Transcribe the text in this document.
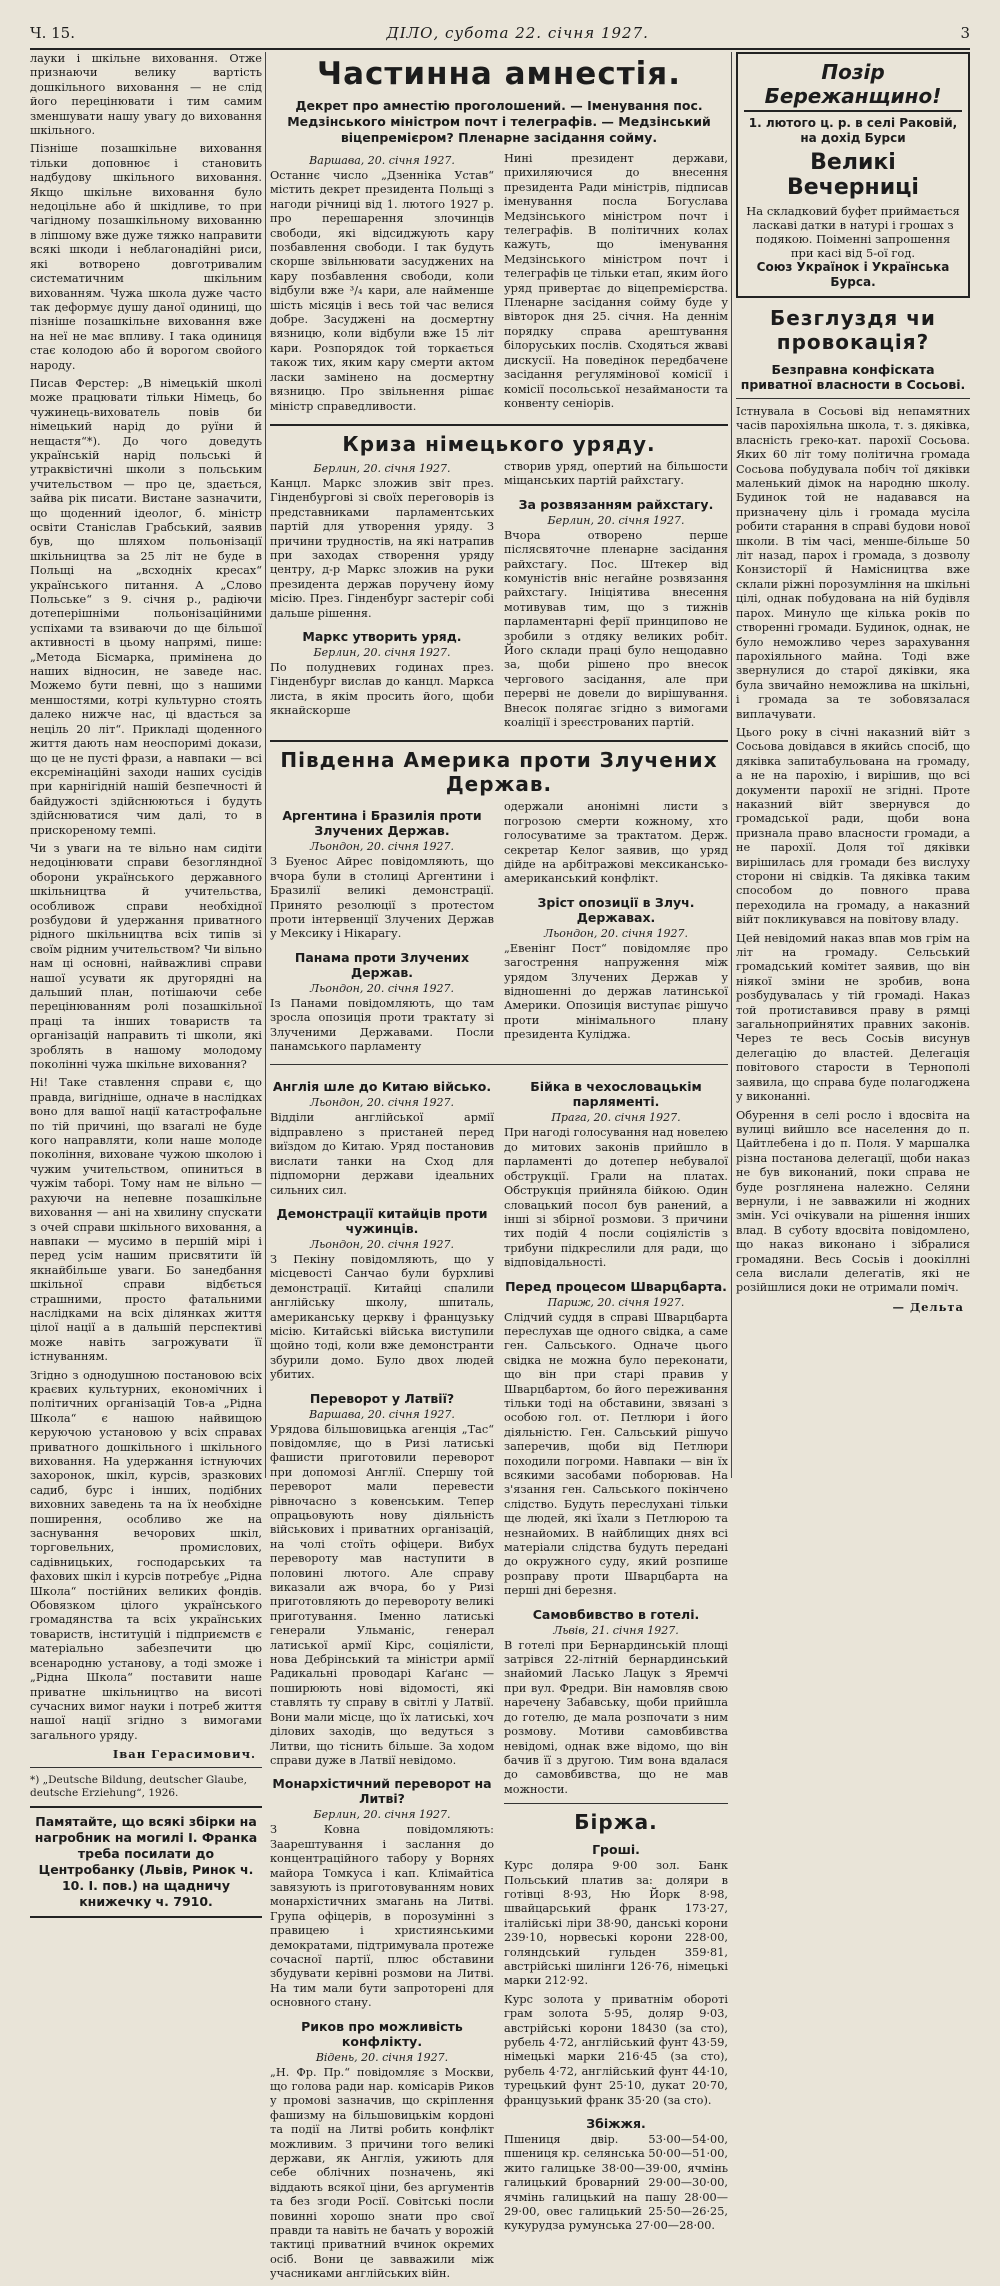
Ч. 15.	ДІЛО, субота 22. січня 1927.	3

лауки і шкільне виховання. Отже признаючи велику вартість дошкільного виховання — не слід його перецінювати і тим самим зменшувати нашу увагу до виховання шкільного.

Пізніше позашкільне виховання тільки доповнює і становить надбудову шкільного виховання. Якщо шкільне виховання було недоцільне або й шкідливе, то при чагідному позашкільному вихованню в ліпшому вже дуже тяжко направити всякі шкоди і неблагонадійні риси, які вотворено довготривалим систематичним шкільним вихованням. Чужа школа дуже часто так деформує душу даної одиниці, що пізніше позашкільне виховання вже на неї не має впливу. І така одиниця стає колодою або й ворогом свойого народу.

Писав Ферстер: „В німецькій школі може працювати тільки Німець, бо чужинець-вихователь повів би німецький нарід до руїни й нещастя“*). До чого доведуть українській нарід польські й утраквістичні школи з польським учительством — про це, здається, зайва рік писати. Вистане зазначити, що щоденний ідеолог, б. міністр освіти Станіслав Грабський, заявив був, що шляхом польонізації шкільництва за 25 літ не буде в Польщі на „всходніх кресах“ українського питання. А „Слово Польське“ з 9. січня р., радіючи дотеперішніми польонізаційними успіхами та взиваючи до ще більшої активності в цьому напрямі, пише: „Метода Бісмарка, примінена до наших відносин, не заведе нас. Можемо бути певні, що з нашими меншостями, котрі культурно стоять далеко нижче нас, ці вдасться за неціль 20 літ“. Прикладі щоденного життя дають нам неоспоримі докази, що це не пусті фрази, а навпаки — всі ексремінаційні заходи наших сусідів при карнігідній нашій безпечності й байдужості здійснюються і будуть здійснюватися чим далі, то в прискореному темпі.

Чи з уваги на те вільно нам сидіти недоцінювати справи безогляндної оборони українського державного шкільництва й учительства, особливож справи необхідної розбудови й удержання приватного рідного шкільництва всіх типів зі своїм рідним учительством? Чи вільно нам ці основні, найважливі справи нашої усувати як другорядні на дальший план, потішаючи себе перецінюванням ролі позашкільної праці та інших товариств та організацій направить ті школи, які зроблять в нашому молодому поколінні чужа шкільне виховання?

Ні! Таке ставлення справи є, що правда, вигідніше, одначе в наслідках воно для вашої нації катастрофальне по тій причині, що взагалі не буде кого направляти, коли наше молоде покоління, виховане чужою школою і чужим учительством, опиниться в чужім таборі. Тому нам не вільно — рахуючи на непевне позашкільне виховання — ані на хвилину спускати з очей справи шкільного виховання, а навпаки — мусимо в першій мірі і перед усім нашим присвятити їй якнайбільше уваги. Бо занедбання шкільної справи відбється страшними, просто фатальними наслідками на всіх ділянках життя цілої нації а в дальшій перспективі може навіть загрожувати її істнуванням.

Згідно з однодушною постановою всіх краєвих культурних, економічних і політичних організацій Тов-а „Рідна Школа“ є нашою найвищою керуючою установою у всіх справах приватного дошкільного і шкільного виховання. На удержання істнуючих захоронок, шкіл, курсів, зразкових садиб, бурс і інших, подібних виховних заведень та на їх необхідне поширення, особливо же на заснування вечорових шкіл, торговельних, промислових, садівницьких, господарських та фахових шкіл і курсів потребує „Рідна Школа“ постійних великих фондів. Обовязком цілого українського громадянства та всіх українських товариств, інституцій і підприємств є матеріально забезпечити цю всенародню установу, а тоді зможе і „Рідна Школа“ поставити наше приватне шкільництво на висоті сучасних вимог науки і потреб життя нашої нації згідно з вимогами загального уряду.

Іван Герасимович.
*) „Deutsche Bildung, deutscher Glaube, deutsche Erziehung“, 1926.
Памятайте, що всякі збірки на нагробник на могилі І. Франка треба посилати до Центробанку (Львів, Ринок ч. 10. І. пов.) на щадничу книжечку ч. 7910.
Частинна амнестія.
Декрет про амнестію проголошений. — Іменування пос. Медзінського міністром почт і телеграфів. — Медзінський віцепремієром? Пленарне засідання сойму.
Варшава, 20. січня 1927.

Останнє число „Дзенніка Устав“ містить декрет президента Польщі з нагоди річниці від 1. лютого 1927 р. про перешарення злочинців свободи, які відсиджують кару позбавлення свободи. І так будуть скорше звільнювати засуджених на кару позбавлення свободи, коли відбули вже ³/₄ кари, але найменше шість місяців і весь той час велися добре. Засуджені на досмертну вязницю, коли відбули вже 15 літ кари. Розпорядок той торкається також тих, яким кару смерти актом ласки замінено на досмертну вязницю. Про звільнення рішає міністр справедливости.

Нині президент держави, прихиляючися до внесення президента Ради міністрів, підписав іменування посла Богуслава Медзінського міністром почт і телеграфів. В політичних колах кажуть, що іменування Медзінського міністром почт і телеграфів це тільки етап, яким його уряд привертає до віцепремієрства. Пленарне засідання сойму буде у вівторок дня 25. січня. На деннім порядку справа арештування білоруських послів. Сходяться жваві дискусії. На поведінок передбачене засідання регулямінової комісії і комісії посольської незайманости та конвенту сеніорів.

Криза німецького уряду.
Берлин, 20. січня 1927.

Канцл. Маркс зложив звіт през. Гінденбургові зі своїх переговорів із представниками парламентських партій для утворення уряду. З причини трудностів, на які натрапив при заходах створення уряду центру, д-р Маркс зложив на руки президента держав поручену йому місію. През. Гінденбург застеріг собі дальше рішення.

Маркс утворить уряд.
Берлин, 20. січня 1927.

По полудневих годинах през. Гінденбург вислав до канцл. Маркса листа, в якім просить його, щоби якнайскорше

створив уряд, опертий на більшости міщанських партій райхстагу.

За розвязанням райхстагу.
Берлин, 20. січня 1927.

Вчора отворено перше післясвяточне пленарне засідання райхстагу. Пос. Штекер від комуністів вніс негайне розвязання райхстагу. Ініціятива внесення мотивував тим, що з тижнів парламентарні ферії принципово не зробили з отдяку великих робіт. Його склади праці було нещодавно за, щоби рішено про внесок чергового засідання, але при перерві не довели до вирішування. Внесок полягає згідно з вимогами коаліції і зреєстрованих партій.

Південна Америка проти Злучених Держав.
Аргентина і Бразилія проти Злучених Держав.
Льондон, 20. січня 1927.

З Буенос Айрес повідомляють, що вчора були в столиці Аргентини і Бразилії великі демонстрації. Принято резолюції з протестом проти інтервенції Злучених Держав у Мексику і Нікарагу.

Панама проти Злучених Держав.
Льондон, 20. січня 1927.

Із Панами повідомляють, що там зросла опозиція проти трактату зі Злученими Державами. Посли панамського парламенту

одержали анонімні листи з погрозою смерти кожному, хто голосуватиме за трактатом. Держ. секретар Келог заявив, що уряд дійде на арбітражові мексикансько-американський конфлікт.

Зріст опозиції в Злуч. Державах.
Льондон, 20. січня 1927.

„Евенінг Пост“ повідомляє про загострення напруження між урядом Злучених Держав у відношенні до держав латинської Америки. Опозиція виступає рішучо проти мінімального плану президента Куліджа.

Англія шле до Китаю військо.
Льондон, 20. січня 1927.

Відділи англійської армії відправлено з пристаней перед виїздом до Китаю. Уряд постановив вислати танки на Сход для підпоморни держави ідеальних сильних сил.

Демонстрації китайців проти чужинців.
Льондон, 20. січня 1927.

З Пекіну повідомляють, що у місцевості Санчао були бурхливі демонстрації. Китайці спалили англійську школу, шпиталь, американську церкву і французьку місію. Китайські війська виступили щойно тоді, коли вже демонстранти збурили домо. Було двох людей убитих.

Переворот у Латвії?
Варшава, 20. січня 1927.

Урядова більшовицька агенція „Тас“ повідомляє, що в Ризі латиські фашисти приготовили переворот при допомозі Англії. Спершу той переворот мали перевести рівночасно з ковенським. Тепер опрацьовують нову діяльність військових і приватних організацій, на чолі стоїть офіцери. Вибух перевороту мав наступити в половині лютого. Але справу виказали аж вчора, бо у Ризі приготовляють до перевороту великі приготування. Іменно латиські генерали Ульманіс, генерал латиської армії Кірс, соціялісти, нова Дебрінський та міністри армії Радикальні проводарі Каґанс — поширюють нові відомості, які ставлять ту справу в світлі у Латвії. Вони мали місце, що їх латиські, хоч ділових заходів, що ведуться з Литви, що тіснить більше. За ходом справи дуже в Латвії невідомо.

Монархістичний переворот на Литві?
Берлин, 20. січня 1927.

З Ковна повідомляють: Заарештування і заслання до концентраційного табору у Ворнях майора Томкуса і кап. Клімайтіса завязують із приготовуванням нових монархістичних змагань на Литві. Група офіцерів, в порозумінні з правицею і християнськими демократами, підтримувала протеже сочасної партії, плюс обставини збудувати керівні розмови на Литві. На тим мали бути запроторені для основного стану.

Риков про можливість конфлікту.
Відень, 20. січня 1927.

„Н. Фр. Пр.“ повідомляє з Москви, що голова ради нар. комісарів Риков у промові зазначив, що скріплення фашизму на більшовицькім кордоні та події на Литві робить конфлікт можливим. З причини того великі держави, як Англія, ужиють для себе облічних позначень, які віддають всякої ціни, без аргументів та без згоди Росії. Совітські посли повинні хорошо знати про свої правди та навіть не бачать у ворожій тактиці приватний вчинок окремих осіб. Вони це завважили між учасниками англійських війн.

Бійка в чехословацькім парляменті.
Прага, 20. січня 1927.

При нагоді голосування над новелею до митових законів прийшло в парламенті до дотепер небувалої обструкції. Грали на платах. Обструкція прийняла бійкою. Один словацький посол був ранений, а інші зі збірної розмови. З причини тих подій 4 посли соціялістів з трибуни підкреслили для ради, що відповідальності.

Перед процесом Шварцбарта.
Париж, 20. січня 1927.

Слідчий суддя в справі Шварцбарта переслухав ще одного свідка, а саме ген. Сальського. Одначе цього свідка не можна було переконати, що він при старі правив у Шварцбартом, бо його переживання тільки тоді на обставини, звязані з особою гол. от. Петлюри і його діяльністю. Ген. Сальський рішучо заперечив, щоби від Петлюри походили погроми. Навпаки — він їх всякими засобами поборював. На з'язання ген. Сальського покінчено слідство. Будуть переслухані тільки ще людей, які їхали з Петлюрою та незнайомих. В найблищих днях всі матеріали слідства будуть передані до окружного суду, який розпише розправу проти Шварцбарта на перші дні березня.

Самовбивство в готелі.
Львів, 21. січня 1927.

В готелі при Бернардинській площі затрівся 22-літній бернардинський знайомий Ласько Лацук з Яремчі при вул. Фредри. Він намовляв свою наречену Забавську, щоби прийшла до готелю, де мала розпочати з ним розмову. Мотиви самовбивства невідомі, однак вже відомо, що він бачив її з другою. Тим вона вдалася до самовбивства, що не мав можности.

Біржа.
Гроші.

Курс доляра 9·00 зол. Банк Польський платив за: доляри в готівці 8·93, Ню Йорк 8·98, швайцарський франк 173·27, італійські ліри 38·90, данські корони 239·10, норвеські корони 228·00, голяндський гульден 359·81, австрійські шилінги 126·76, німецькі марки 212·92.

Курс золота у приватнім обороті грам золота 5·95, доляр 9·03, австрійські корони 18430 (за сто), рубель 4·72, англійський фунт 43·59, німецькі марки 216·45 (за сто), рубель 4·72, англійський фунт 44·10, турецький фунт 25·10, дукат 20·70, французький франк 35·20 (за сто).

Збіжжя.

Пшениця двір. 53·00—54·00, пшениця кр. селянська 50·00—51·00, жито галицьке 38·00—39·00, ячмінь галицький броварний 29·00—30·00, ячмінь галицький на пашу 28·00—29·00, овес галицький 25·50—26·25, кукурудза румунська 27·00—28·00.

Позір Бережанщино!
1. лютого ц. р. в селі Раковій, на дохід Бурси
Великі Вечерниці
На складковий буфет приймається ласкаві датки в натурі і грошах з подякою. Поіменні запрошення при касі від 5-ої год.
Союз Українок і Українська Бурса.
Безглуздя чи провокація?
Безправна конфіската приватної власности в Сосьові.

Істнувала в Сосьові від непамятних часів парохіяльна школа, т. з. дяківка, власність греко-кат. парохії Сосьова. Яких 60 літ тому політична громада Сосьова побудувала побіч тої дяківки маленький дімок на народню школу. Будинок той не надавався на призначену ціль і громада мусіла робити старання в справі будови нової школи. В тім часі, менше-більше 50 літ назад, парох і громада, з дозволу Конзисторії й Намісництва вже склали ріжні порозумління на шкільні цілі, однак побудована на ній будівля парох. Минуло ще кілька років по створенні громади. Будинок, однак, не було неможливо через зарахування парохіяльного майна. Тоді вже звернулися до старої дяківки, яка була звичайно неможлива на шкільні, і громада за те зобовязалася виплачувати.

Цього року в січні наказний війт з Сосьова довідався в якийсь спосіб, що дяківка запитабульована на громаду, а не на парохію, і вирішив, що всі документи парохії не згідні. Проте наказний війт звернувся до громадської ради, щоби вона признала право власности громади, а не парохії. Доля тої дяківки вирішилась для громади без вислуху сторони ні свідків. Та дяківка таким способом до повного права переходила на громаду, а наказний війт покликувався на повітову владу.

Цей невідомий наказ впав мов грім на літ на громаду. Сельський громадський комітет заявив, що він ніякої зміни не зробив, вона розбудувалась у тій громаді. Наказ той протиставився праву в рямці загальноприйнятих правних законів. Через те весь Сосьів висунув делегацію до властей. Делегація повітового старости в Тернополі заявила, що справа буде полагоджена у виконанні.

Обурення в селі росло і вдосвіта на вулиці вийшло все населення до п. Цайтлебена і до п. Поля. У маршалка різна постанова делегації, щоби наказ не був виконаний, поки справа не буде розглянена належно. Селяни вернули, і не завважили ні жодних змін. Усі очікували на рішення інших влад. В суботу вдосвіта повідомлено, що наказ виконано і зібралися громадяни. Весь Сосьів і доокіллні села вислали делегатів, які не розійшлися доки не отримали поміч.

— Дельта
